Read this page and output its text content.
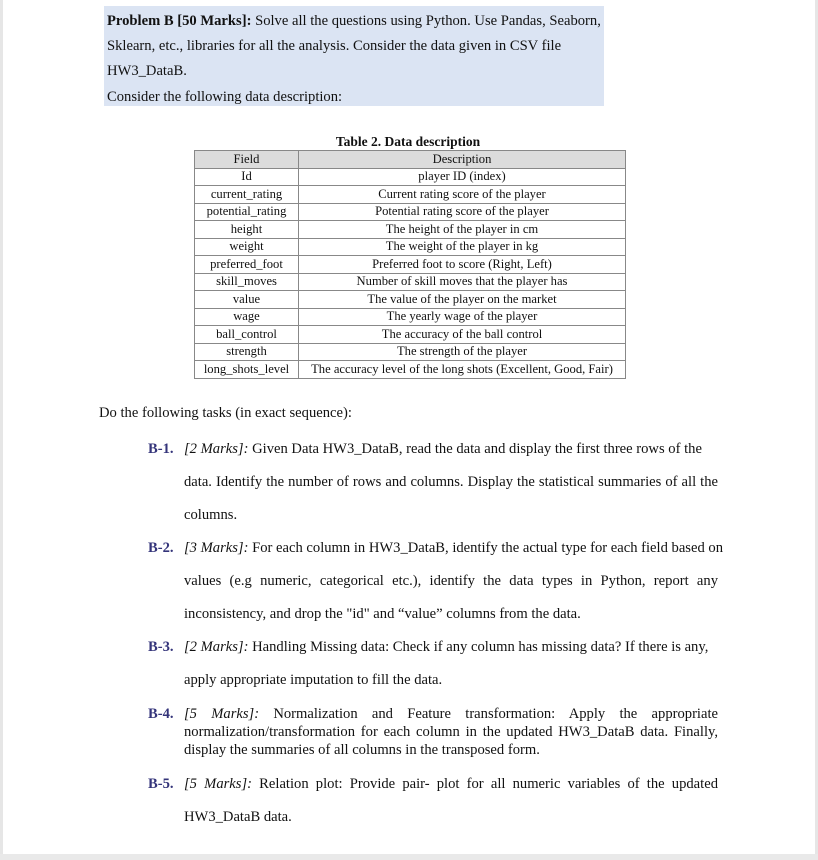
Problem B [50 Marks]: Solve all the questions using Python. Use Pandas, Seaborn,
Sklearn, etc., libraries for all the analysis. Consider the data given in CSV file
HW3_DataB.
Consider the following data description:
Table 2. Data description
Field	Description
Id	player ID (index)
current_rating	Current rating score of the player
potential_rating	Potential rating score of the player
height	The height of the player in cm
weight	The weight of the player in kg
preferred_foot	Preferred foot to score (Right, Left)
skill_moves	Number of skill moves that the player has
value	The value of the player on the market
wage	The yearly wage of the player
ball_control	The accuracy of the ball control
strength	The strength of the player
long_shots_level	The accuracy level of the long shots (Excellent, Good, Fair)
Do the following tasks (in exact sequence):
B-1. [2 Marks]: Given Data HW3_DataB, read the data and display the first three rows of the
data. Identify the number of rows and columns. Display the statistical summaries of all the
columns.
B-2. [3 Marks]: For each column in HW3_DataB, identify the actual type for each field based on
values (e.g numeric, categorical etc.), identify the data types in Python, report any
inconsistency, and drop the "id" and “value” columns from the data.
B-3. [2 Marks]: Handling Missing data: Check if any column has missing data? If there is any,
apply appropriate imputation to fill the data.
B-4. [5 Marks]: Normalization and Feature transformation: Apply the appropriate
normalization/transformation for each column in the updated HW3_DataB data. Finally,
display the summaries of all columns in the transposed form.
B-5. [5 Marks]: Relation plot: Provide pair- plot for all numeric variables of the updated
HW3_DataB data.
